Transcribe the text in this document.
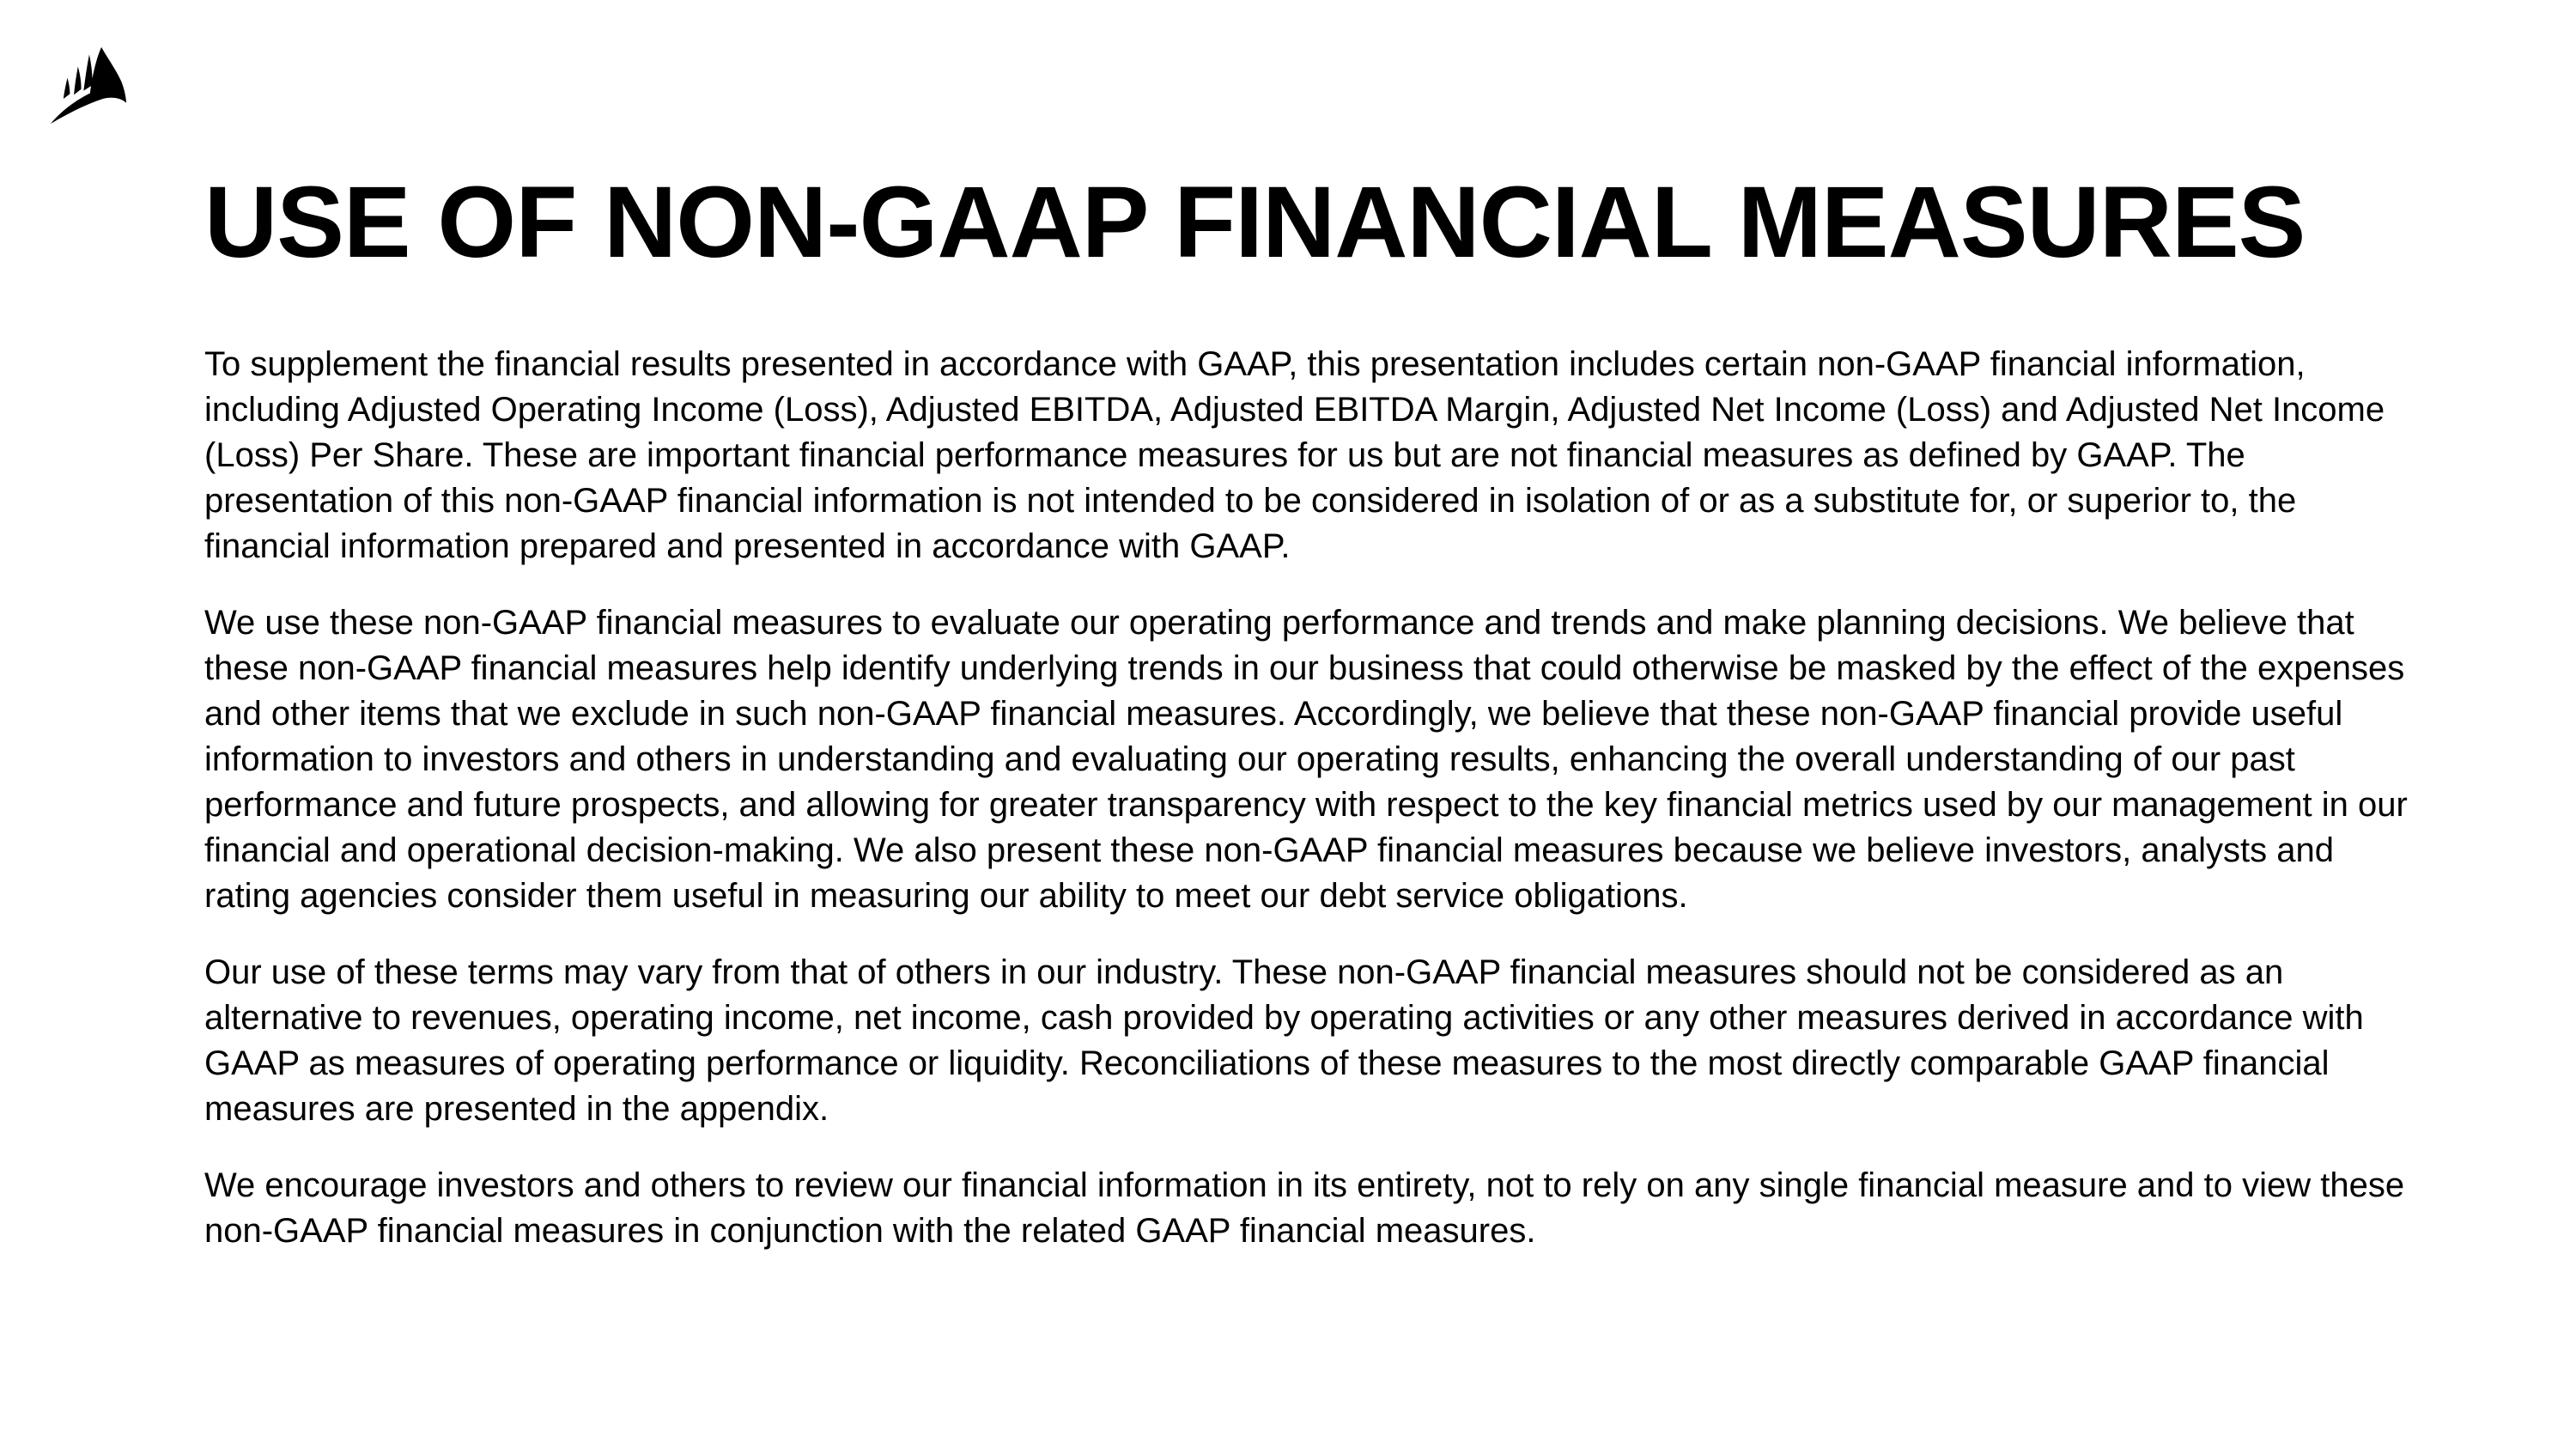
USE OF NON-GAAP FINANCIAL MEASURES

To supplement the financial results presented in accordance with GAAP, this presentation includes certain non-GAAP financial information, including Adjusted Operating Income (Loss), Adjusted EBITDA, Adjusted EBITDA Margin, Adjusted Net Income (Loss) and Adjusted Net Income (Loss) Per Share. These are important financial performance measures for us but are not financial measures as defined by GAAP. The presentation of this non-GAAP financial information is not intended to be considered in isolation of or as a substitute for, or superior to, the financial information prepared and presented in accordance with GAAP.

We use these non-GAAP financial measures to evaluate our operating performance and trends and make planning decisions. We believe that these non-GAAP financial measures help identify underlying trends in our business that could otherwise be masked by the effect of the expenses and other items that we exclude in such non-GAAP financial measures. Accordingly, we believe that these non-GAAP financial provide useful information to investors and others in understanding and evaluating our operating results, enhancing the overall understanding of our past performance and future prospects, and allowing for greater transparency with respect to the key financial metrics used by our management in our financial and operational decision-making. We also present these non-GAAP financial measures because we believe investors, analysts and rating agencies consider them useful in measuring our ability to meet our debt service obligations.

Our use of these terms may vary from that of others in our industry. These non-GAAP financial measures should not be considered as an alternative to revenues, operating income, net income, cash provided by operating activities or any other measures derived in accordance with GAAP as measures of operating performance or liquidity. Reconciliations of these measures to the most directly comparable GAAP financial measures are presented in the appendix.

We encourage investors and others to review our financial information in its entirety, not to rely on any single financial measure and to view these non-GAAP financial measures in conjunction with the related GAAP financial measures.
